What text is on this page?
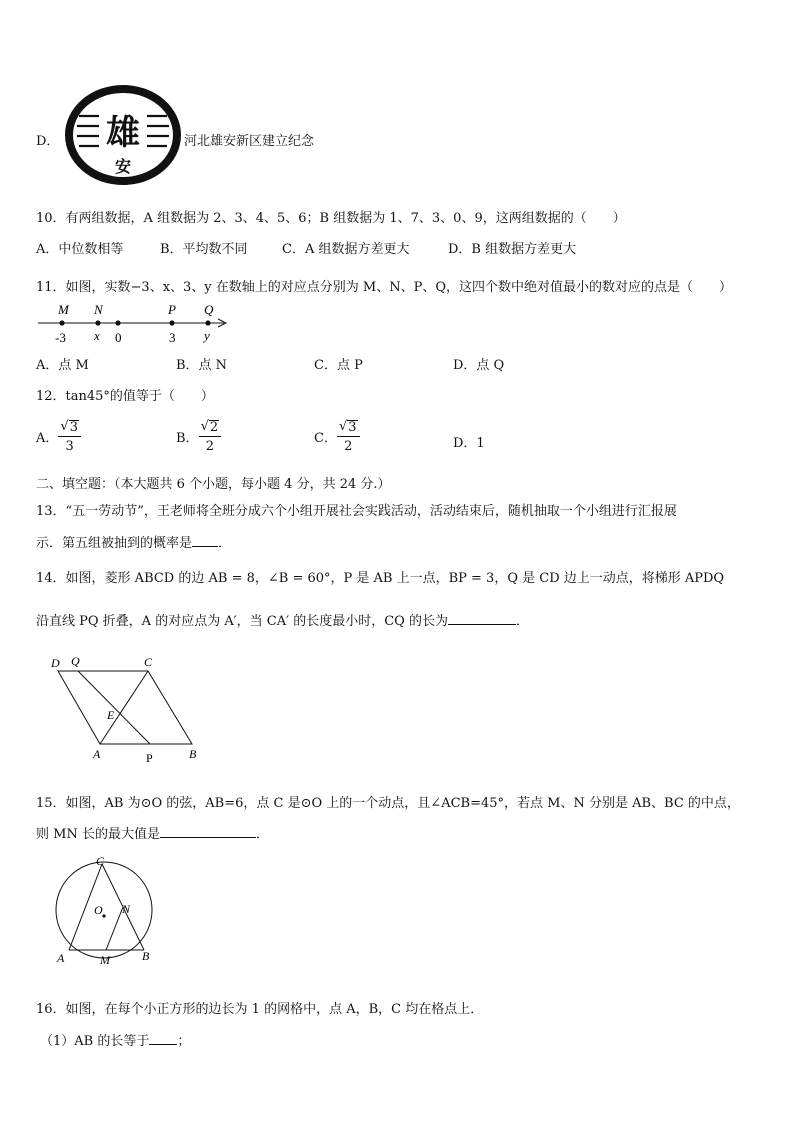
D． 雄
安
河北雄安新区建立纪念
10．有两组数据，A 组数据为 2、3、4、5、6；B 组数据为 1、7、3、0、9，这两组数据的（　　）
A．中位数相等	B．平均数不同	C．A 组数据方差更大	D．B 组数据方差更大
11．如图，实数−3、x、3、y 在数轴上的对应点分别为 M、N、P、Q，这四个数中绝对值最小的数对应的点是（　　）
M N	P Q
-3 x 0	3 y
A．点 M	B．点 N	C．点 P	D．点 Q
12．tan45°的值等于（　　）
A． $\frac{√ 3}{3}$	B． $\frac{√ 2}{2}$	C． $\frac{√ 3}{2}$	D．1
二、填空题：（本大题共 6 个小题，每小题 4 分，共 24 分.）
13．“五一劳动节”，王老师将全班分成六个小组开展社会实践活动，活动结束后，随机抽取一个小组进行汇报展
示．第五组被抽到的概率是 ．
14．如图，菱形 ABCD 的边 AB = 8，∠B = 60°，P 是 AB 上一点，BP = 3，Q 是 CD 边上一动点，将梯形 APDQ
沿直线 PQ 折叠，A 的对应点为 A′，当 CA′ 的长度最小时，CQ 的长为	．
D Q	C
E
A	P	B
15．如图，AB 为⊙O 的弦，AB=6，点 C 是⊙O 上的一个动点，且∠ACB=45°，若点 M、N 分别是 AB、BC 的中点，
则 MN 长的最大值是	．
C
O N
A	M	B
16．如图，在每个小正方形的边长为 1 的网格中，点 A，B，C 均在格点上．
（1）AB 的长等于 ；
